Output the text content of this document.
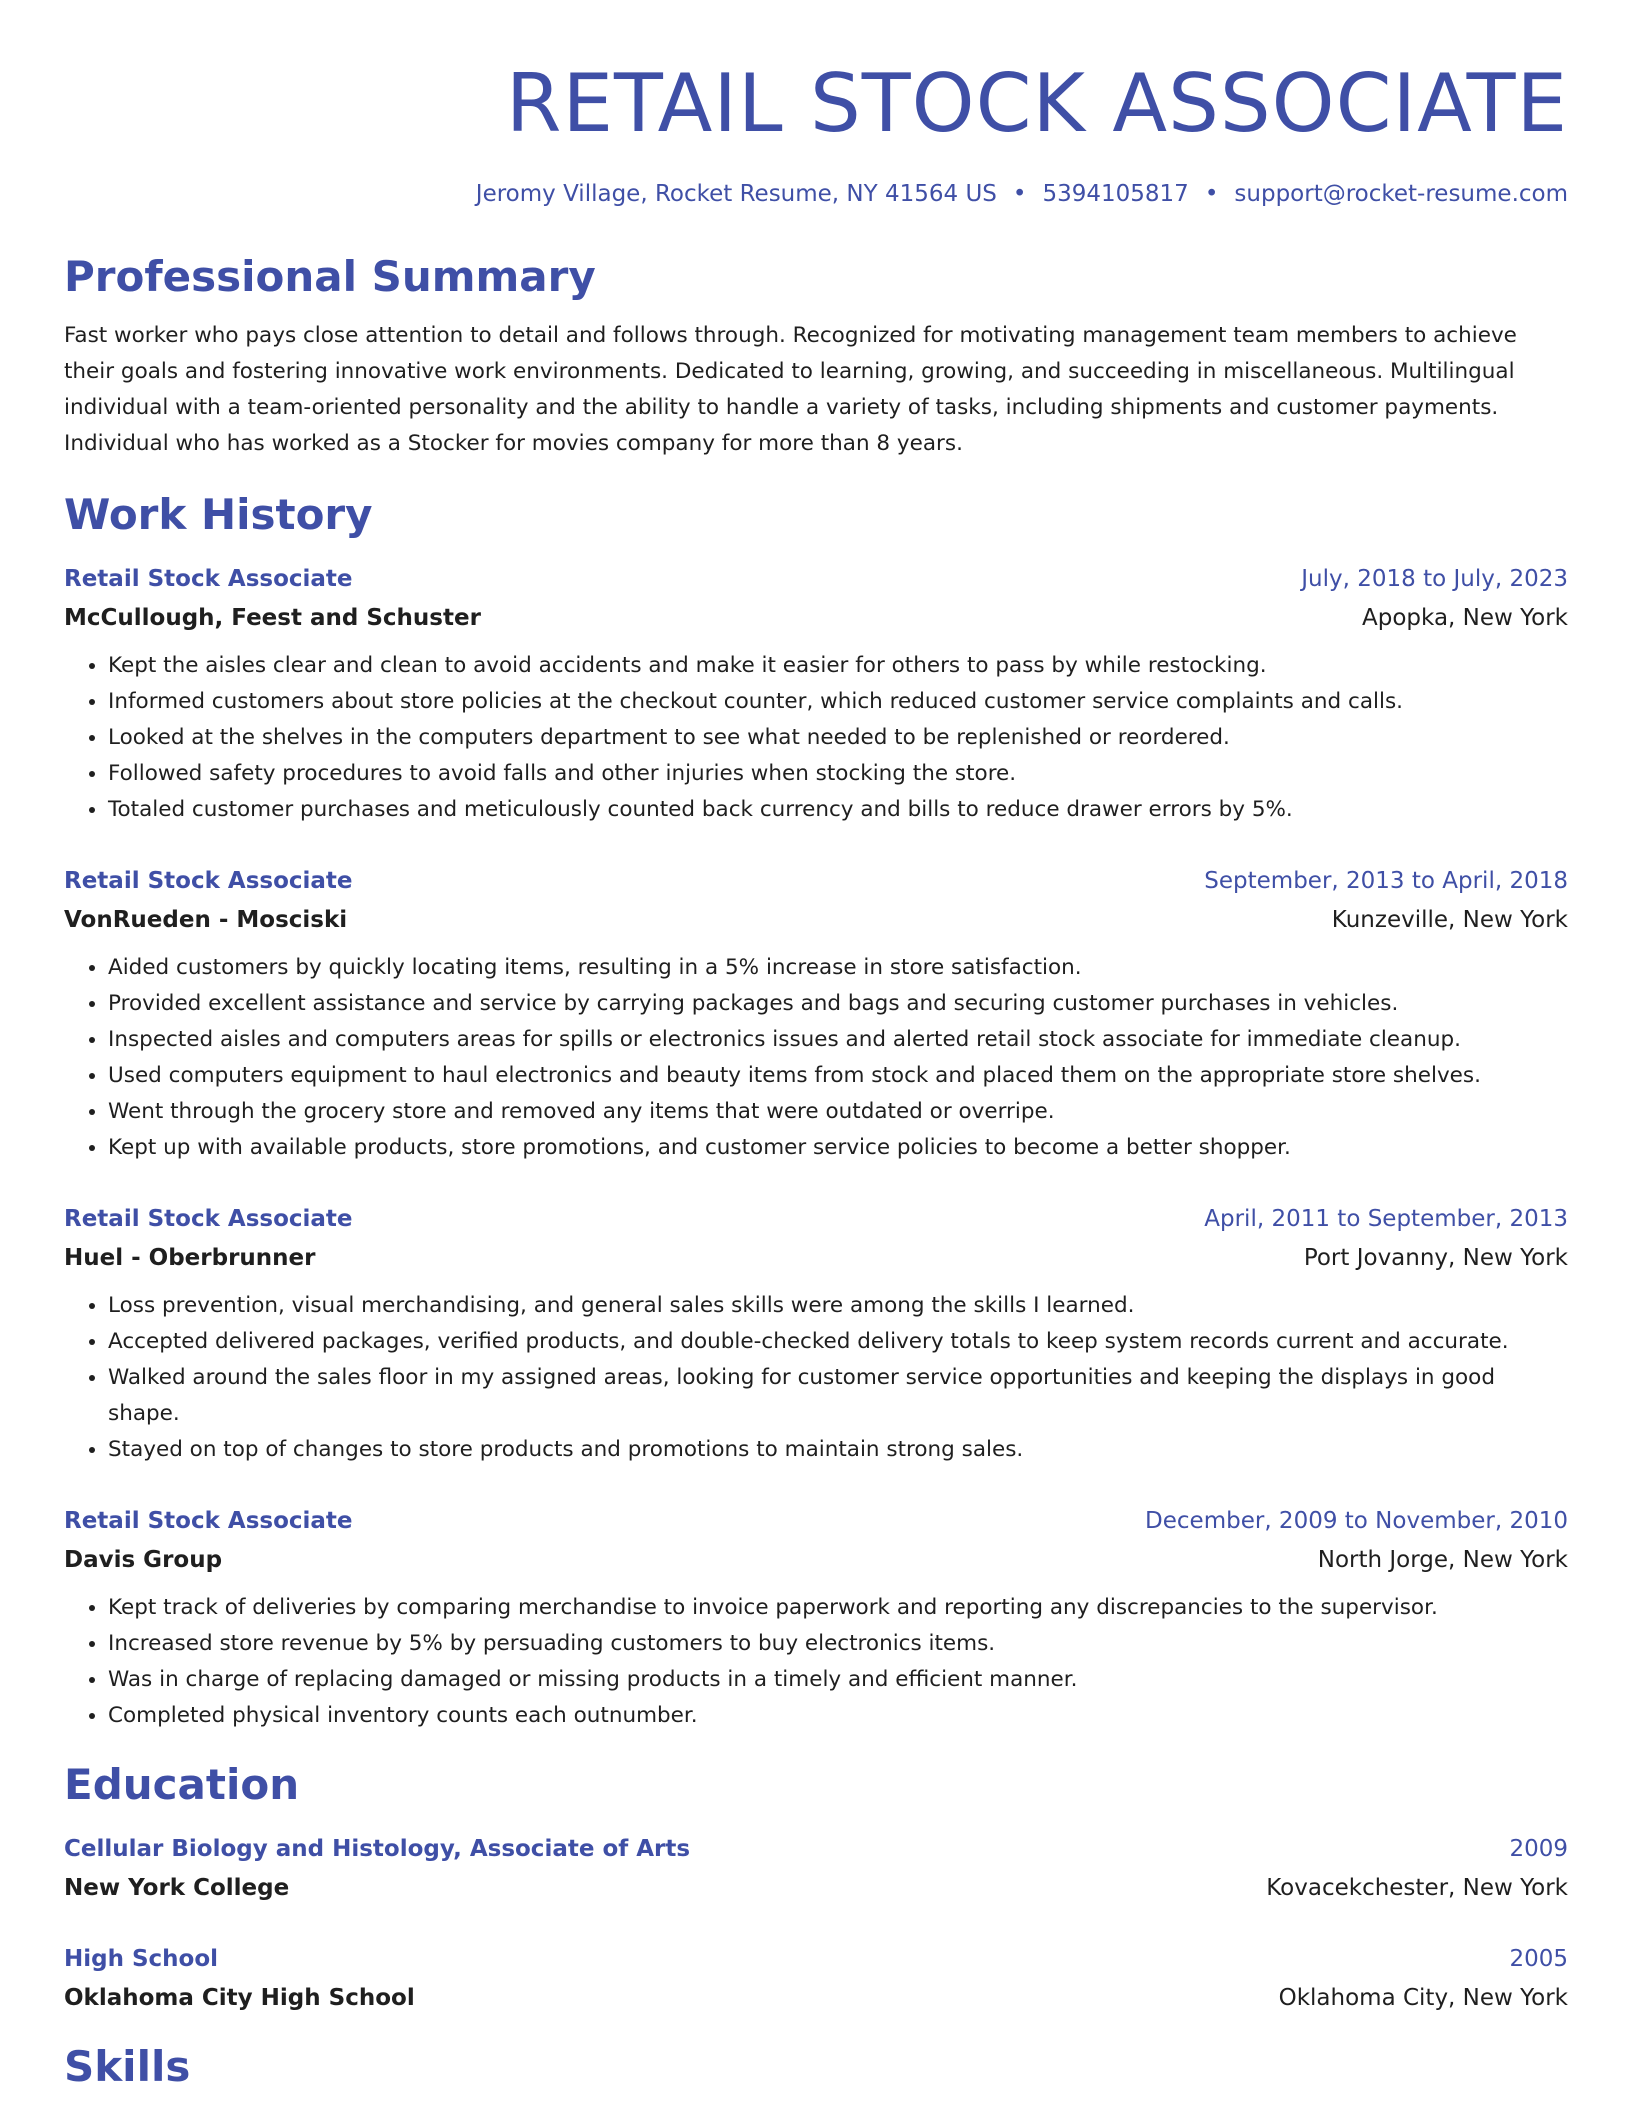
RETAIL STOCK ASSOCIATE
Jeromy Village, Rocket Resume, NY 41564 US • 5394105817 • support@rocket-resume.com
Professional Summary
Fast worker who pays close attention to detail and follows through. Recognized for motivating management team members to achieve their goals and fostering innovative work environments. Dedicated to learning, growing, and succeeding in miscellaneous. Multilingual individual with a team-oriented personality and the ability to handle a variety of tasks, including shipments and customer payments. Individual who has worked as a Stocker for movies company for more than 8 years.
Work History
Retail Stock Associate	July, 2018 to July, 2023
McCullough, Feest and Schuster	Apopka, New York
• Kept the aisles clear and clean to avoid accidents and make it easier for others to pass by while restocking.
• Informed customers about store policies at the checkout counter, which reduced customer service complaints and calls.
• Looked at the shelves in the computers department to see what needed to be replenished or reordered.
• Followed safety procedures to avoid falls and other injuries when stocking the store.
• Totaled customer purchases and meticulously counted back currency and bills to reduce drawer errors by 5%.
Retail Stock Associate	September, 2013 to April, 2018
VonRueden - Mosciski	Kunzeville, New York
• Aided customers by quickly locating items, resulting in a 5% increase in store satisfaction.
• Provided excellent assistance and service by carrying packages and bags and securing customer purchases in vehicles.
• Inspected aisles and computers areas for spills or electronics issues and alerted retail stock associate for immediate cleanup.
• Used computers equipment to haul electronics and beauty items from stock and placed them on the appropriate store shelves.
• Went through the grocery store and removed any items that were outdated or overripe.
• Kept up with available products, store promotions, and customer service policies to become a better shopper.
Retail Stock Associate	April, 2011 to September, 2013
Huel - Oberbrunner	Port Jovanny, New York
• Loss prevention, visual merchandising, and general sales skills were among the skills I learned.
• Accepted delivered packages, verified products, and double-checked delivery totals to keep system records current and accurate.
• Walked around the sales floor in my assigned areas, looking for customer service opportunities and keeping the displays in good shape.
• Stayed on top of changes to store products and promotions to maintain strong sales.
Retail Stock Associate	December, 2009 to November, 2010
Davis Group	North Jorge, New York
• Kept track of deliveries by comparing merchandise to invoice paperwork and reporting any discrepancies to the supervisor.
• Increased store revenue by 5% by persuading customers to buy electronics items.
• Was in charge of replacing damaged or missing products in a timely and efficient manner.
• Completed physical inventory counts each outnumber.
Education
Cellular Biology and Histology, Associate of Arts	2009
New York College	Kovacekchester, New York
High School	2005
Oklahoma City High School	Oklahoma City, New York
Skills
